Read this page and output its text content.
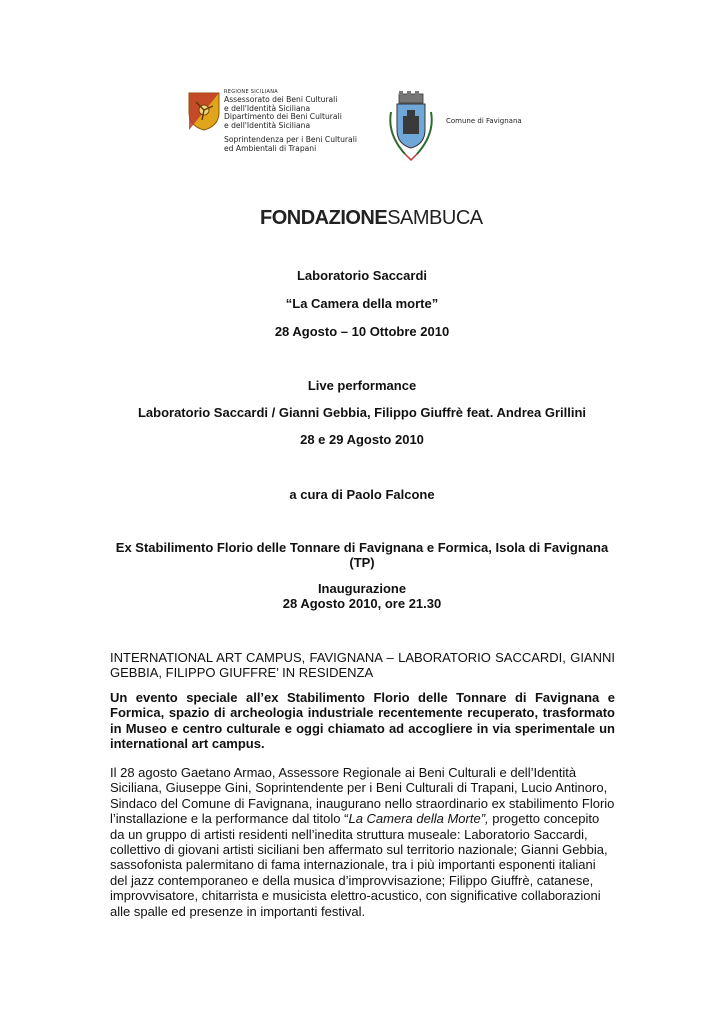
REGIONE SICILIANA
Assessorato dei Beni Culturali
e dell'Identità Siciliana
Dipartimento dei Beni Culturali
e dell'Identità Siciliana
Soprintendenza per i Beni Culturali
ed Ambientali di Trapani
Comune di Favignana
FONDAZIONESAMBUCA
Laboratorio Saccardi
“La Camera della morte”
28 Agosto – 10 Ottobre 2010
Live performance
Laboratorio Saccardi / Gianni Gebbia, Filippo Giuffrè feat. Andrea Grillini
28 e 29 Agosto 2010
a cura di Paolo Falcone
Ex Stabilimento Florio delle Tonnare di Favignana e Formica, Isola di Favignana
(TP)
Inaugurazione
28 Agosto 2010, ore 21.30
INTERNATIONAL ART CAMPUS, FAVIGNANA – LABORATORIO SACCARDI, GIANNI GEBBIA, FILIPPO GIUFFRE’ IN RESIDENZA
Un evento speciale all’ex Stabilimento Florio delle Tonnare di Favignana e Formica, spazio di archeologia industriale recentemente recuperato, trasformato in Museo e centro culturale e oggi chiamato ad accogliere in via sperimentale un international art campus.
Il 28 agosto Gaetano Armao, Assessore Regionale ai Beni Culturali e dell’Identità Siciliana, Giuseppe Gini, Soprintendente per i Beni Culturali di Trapani, Lucio Antinoro, Sindaco del Comune di Favignana, inaugurano nello straordinario ex stabilimento Florio l’installazione e la performance dal titolo “La Camera della Morte”, progetto concepito da un gruppo di artisti residenti nell’inedita struttura museale: Laboratorio Saccardi, collettivo di giovani artisti siciliani ben affermato sul territorio nazionale; Gianni Gebbia, sassofonista palermitano di fama internazionale, tra i più importanti esponenti italiani del jazz contemporaneo e della musica d’improvvisazione; Filippo Giuffrè, catanese, improvvisatore, chitarrista e musicista elettro-acustico, con significative collaborazioni alle spalle ed presenze in importanti festival.
